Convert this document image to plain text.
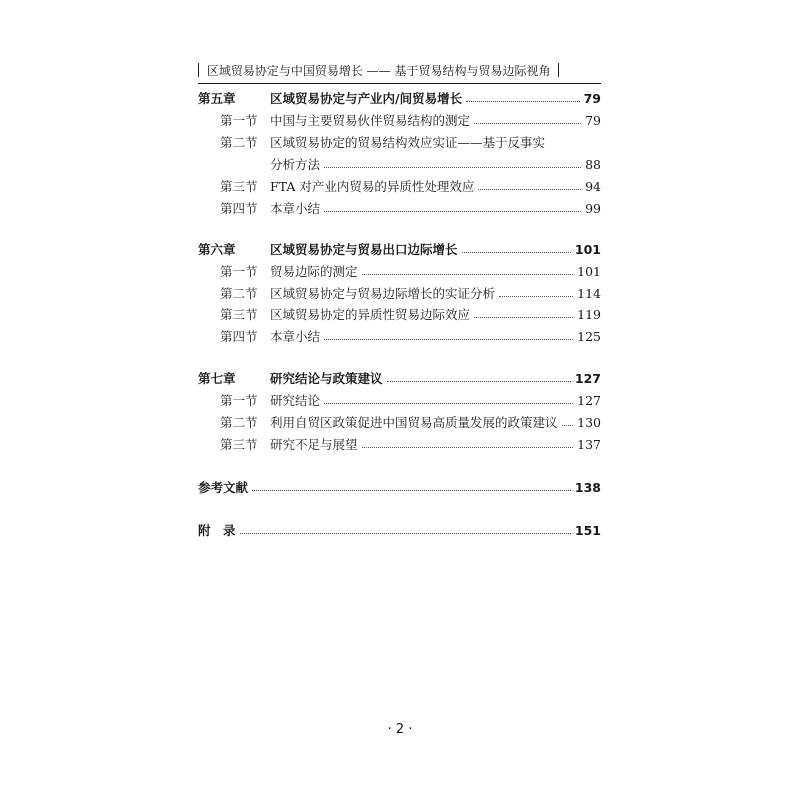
区域贸易协定与中国贸易增长 —— 基于贸易结构与贸易边际视角
第五章	区域贸易协定与产业内/间贸易增长	79
第一节 中国与主要贸易伙伴贸易结构的测定	79
第二节 区域贸易协定的贸易结构效应实证——基于反事实
分析方法	88
第三节 FTA 对产业内贸易的异质性处理效应	94
第四节 本章小结	99
第六章	区域贸易协定与贸易出口边际增长	101
第一节 贸易边际的测定	101
第二节 区域贸易协定与贸易边际增长的实证分析	114
第三节 区域贸易协定的异质性贸易边际效应	119
第四节 本章小结	125
第七章	研究结论与政策建议	127
第一节 研究结论	127
第二节 利用自贸区政策促进中国贸易高质量发展的政策建议 130
第三节 研究不足与展望	137
参考文献	138
附　录	151
· 2 ·
